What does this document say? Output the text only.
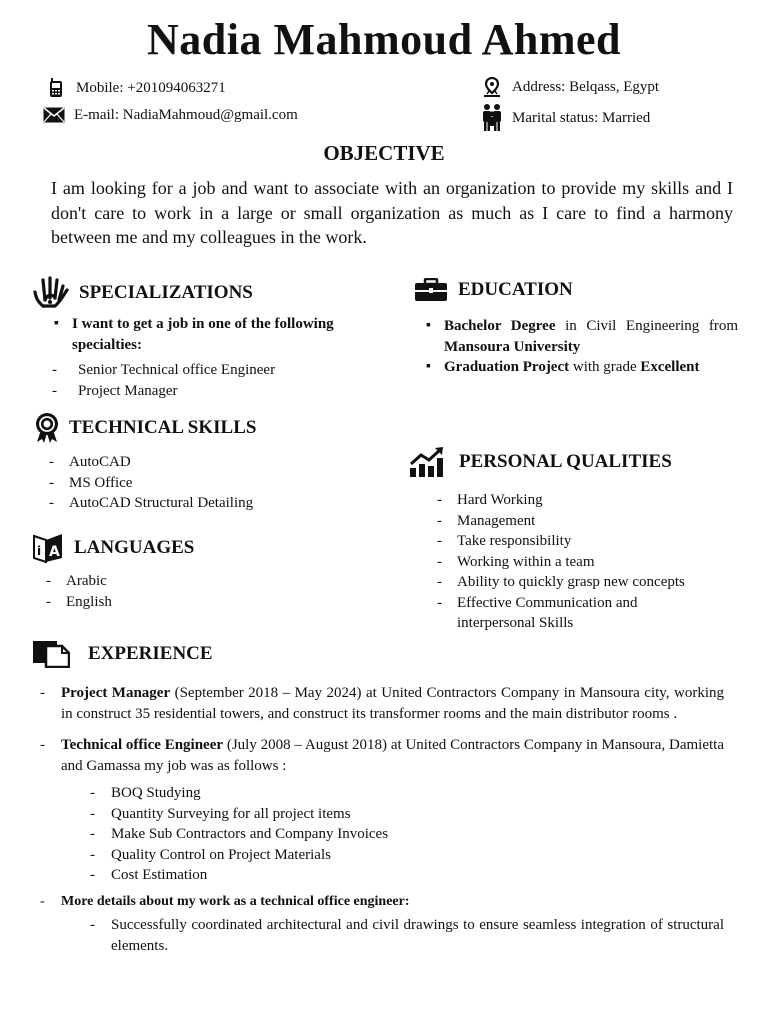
Nadia Mahmoud Ahmed
Mobile: +201094063271
E-mail: NadiaMahmoud@gmail.com
Address: Belqass, Egypt
Marital status: Married
OBJECTIVE
I am looking for a job and want to associate with an organization to provide my skills and I don't care to work in a large or small organization as much as I care to find a harmony between me and my colleagues in the work.
SPECIALIZATIONS
▪ I want to get a job in one of the following specialties:
- Senior Technical office Engineer
- Project Manager
EDUCATION
▪ Bachelor Degree in Civil Engineering from Mansoura University
▪ Graduation Project with grade Excellent
TECHNICAL SKILLS
- AutoCAD
- MS Office
- AutoCAD Structural Detailing
PERSONAL QUALITIES
- Hard Working
- Management
- Take responsibility
- Working within a team
- Ability to quickly grasp new concepts
- Effective Communication and interpersonal Skills
i A LANGUAGES
- Arabic
- English
EXPERIENCE
- Project Manager (September 2018 – May 2024) at United Contractors Company in Mansoura city, working in construct 35 residential towers, and construct its transformer rooms and the main distributor rooms .
- Technical office Engineer (July 2008 – August 2018) at United Contractors Company in Mansoura, Damietta and Gamassa my job was as follows :
- BOQ Studying
- Quantity Surveying for all project items
- Make Sub Contractors and Company Invoices
- Quality Control on Project Materials
- Cost Estimation
- More details about my work as a technical office engineer:
- Successfully coordinated architectural and civil drawings to ensure seamless integration of structural elements.
